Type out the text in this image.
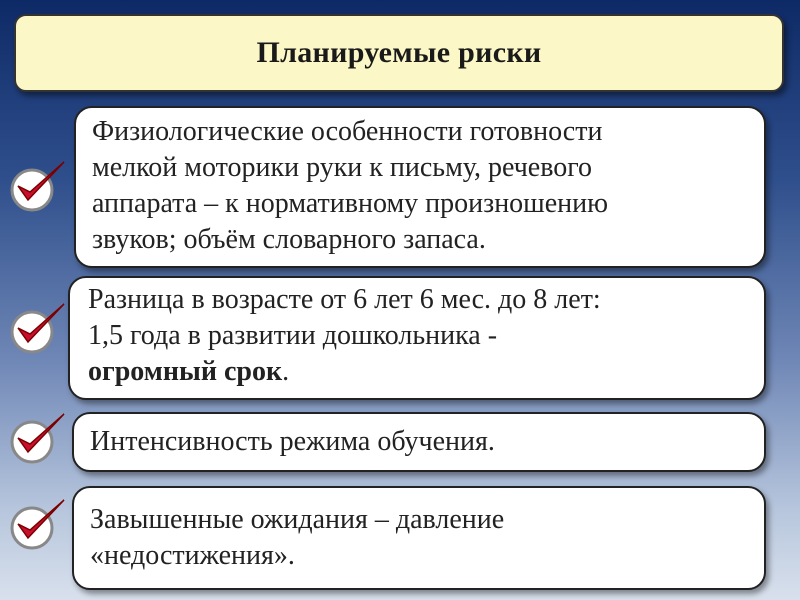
Планируемые риски

Физиологические особенности готовности

мелкой моторики руки к письму, речевого

аппарата – к нормативному произношению

звуков; объём словарного запаса.

Разница в возрасте от 6 лет 6 мес. до 8 лет:

1,5 года в развитии дошкольника -

огромный срок.

Интенсивность режима обучения.

Завышенные ожидания – давление

«недостижения».
